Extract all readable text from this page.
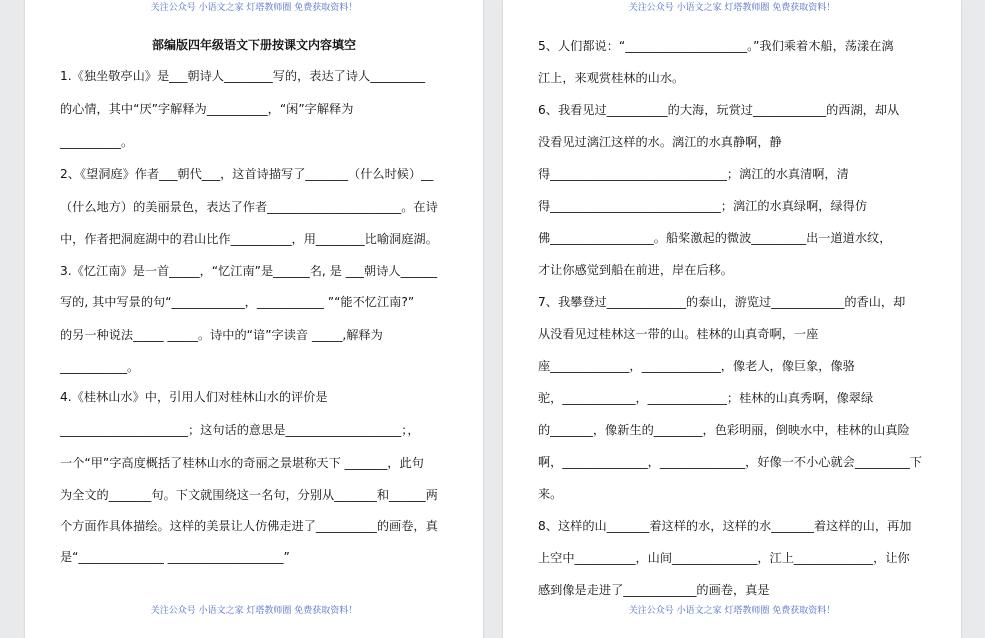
关注公众号 小语文之家 灯塔教师圈 免费获取资料！
部编版四年级语文下册按课文内容填空
1.《独坐敬亭山》是___朝诗人________写的，表达了诗人_________
的心情，其中“厌”字解释为__________，“闲”字解释为
__________。
2、《望洞庭》作者___朝代___，这首诗描写了_______（什么时候）__
（什么地方）的美丽景色，表达了作者______________________。在诗
中，作者把洞庭湖中的君山比作__________，用________比喻洞庭湖。
3.《忆江南》是一首_____，“忆江南”是______名, 是 ___朝诗人______
写的, 其中写景的句“____________，___________ ”“能不忆江南?”
的另一种说法_____ _____。诗中的“谙”字读音 _____,解释为
___________。
4.《桂林山水》中，引用人们对桂林山水的评价是
_____________________；这句话的意思是___________________；，
一个“甲”字高度概括了桂林山水的奇丽之景堪称天下 _______，此句
为全文的_______句。下文就围绕这一名句，分别从_______和______两
个方面作具体描绘。这样的美景让人仿佛走进了__________的画卷，真
是“______________ ___________________”
关注公众号 小语文之家 灯塔教师圈 免费获取资料！
关注公众号 小语文之家 灯塔教师圈 免费获取资料！
5、人们都说：“____________________。”我们乘着木船，荡漾在漓
江上，来观赏桂林的山水。
6、我看见过__________的大海，玩赏过____________的西湖，却从
没看见过漓江这样的水。漓江的水真静啊，静
得_____________________________；漓江的水真清啊，清
得____________________________；漓江的水真绿啊，绿得仿
佛_________________。船桨激起的微波_________出一道道水纹，
才让你感觉到船在前进，岸在后移。
7、我攀登过_____________的泰山，游览过____________的香山，却
从没看见过桂林这一带的山。桂林的山真奇啊，一座
座_____________，_____________，像老人，像巨象，像骆
驼，____________，_____________；桂林的山真秀啊，像翠绿
的_______，像新生的________，色彩明丽，倒映水中，桂林的山真险
啊，______________，______________，好像一不小心就会_________下
来。
8、这样的山_______着这样的水，这样的水_______着这样的山，再加
上空中__________，山间______________，江上_____________，让你
感到像是走进了____________的画卷，真是
关注公众号 小语文之家 灯塔教师圈 免费获取资料！
